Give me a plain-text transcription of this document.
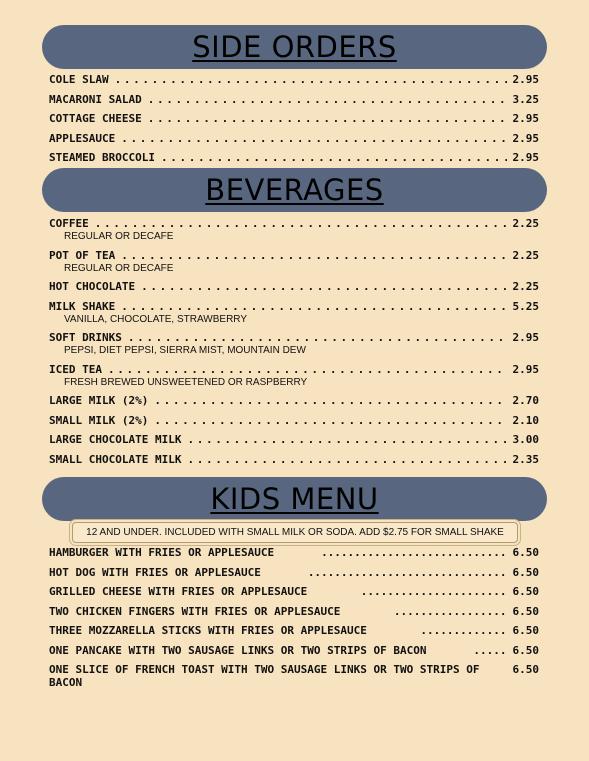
SIDE ORDERS
COLE SLAW . . .	2.95
MACARONI SALAD . . .	3.25
COTTAGE CHEESE . . .	2.95
APPLESAUCE . . .	2.95
STEAMED BROCCOLI . . .	2.95
BEVERAGES
COFFEE . . .	2.25
REGULAR OR DECAFE
POT OF TEA . . .	2.25
REGULAR OR DECAFE
HOT CHOCOLATE . . .	2.25
MILK SHAKE . . .	5.25
VANILLA, CHOCOLATE, STRAWBERRY
SOFT DRINKS . . .	2.95
PEPSI, DIET PEPSI, SIERRA MIST, MOUNTAIN DEW
ICED TEA . . .	2.95
FRESH BREWED UNSWEETENED OR RASPBERRY
LARGE MILK (2%) . . .	2.70
SMALL MILK (2%) . . .	2.10
LARGE CHOCOLATE MILK . . .	3.00
SMALL CHOCOLATE MILK . . .	2.35
KIDS MENU
12 AND UNDER. INCLUDED WITH SMALL MILK OR SODA. ADD $2.75 FOR SMALL SHAKE
HAMBURGER WITH FRIES OR APPLESAUCE	............................ 6.50
HOT DOG WITH FRIES OR APPLESAUCE	.............................. 6.50
GRILLED CHEESE WITH FRIES OR APPLESAUCE	...................... 6.50
TWO CHICKEN FINGERS WITH FRIES OR APPLESAUCE	................. 6.50
THREE MOZZARELLA STICKS WITH FRIES OR APPLESAUCE	............. 6.50
ONE PANCAKE WITH TWO SAUSAGE LINKS OR TWO STRIPS OF BACON	..... 6.50
ONE SLICE OF FRENCH TOAST WITH TWO SAUSAGE LINKS OR TWO STRIPS OF BACON
6.50
